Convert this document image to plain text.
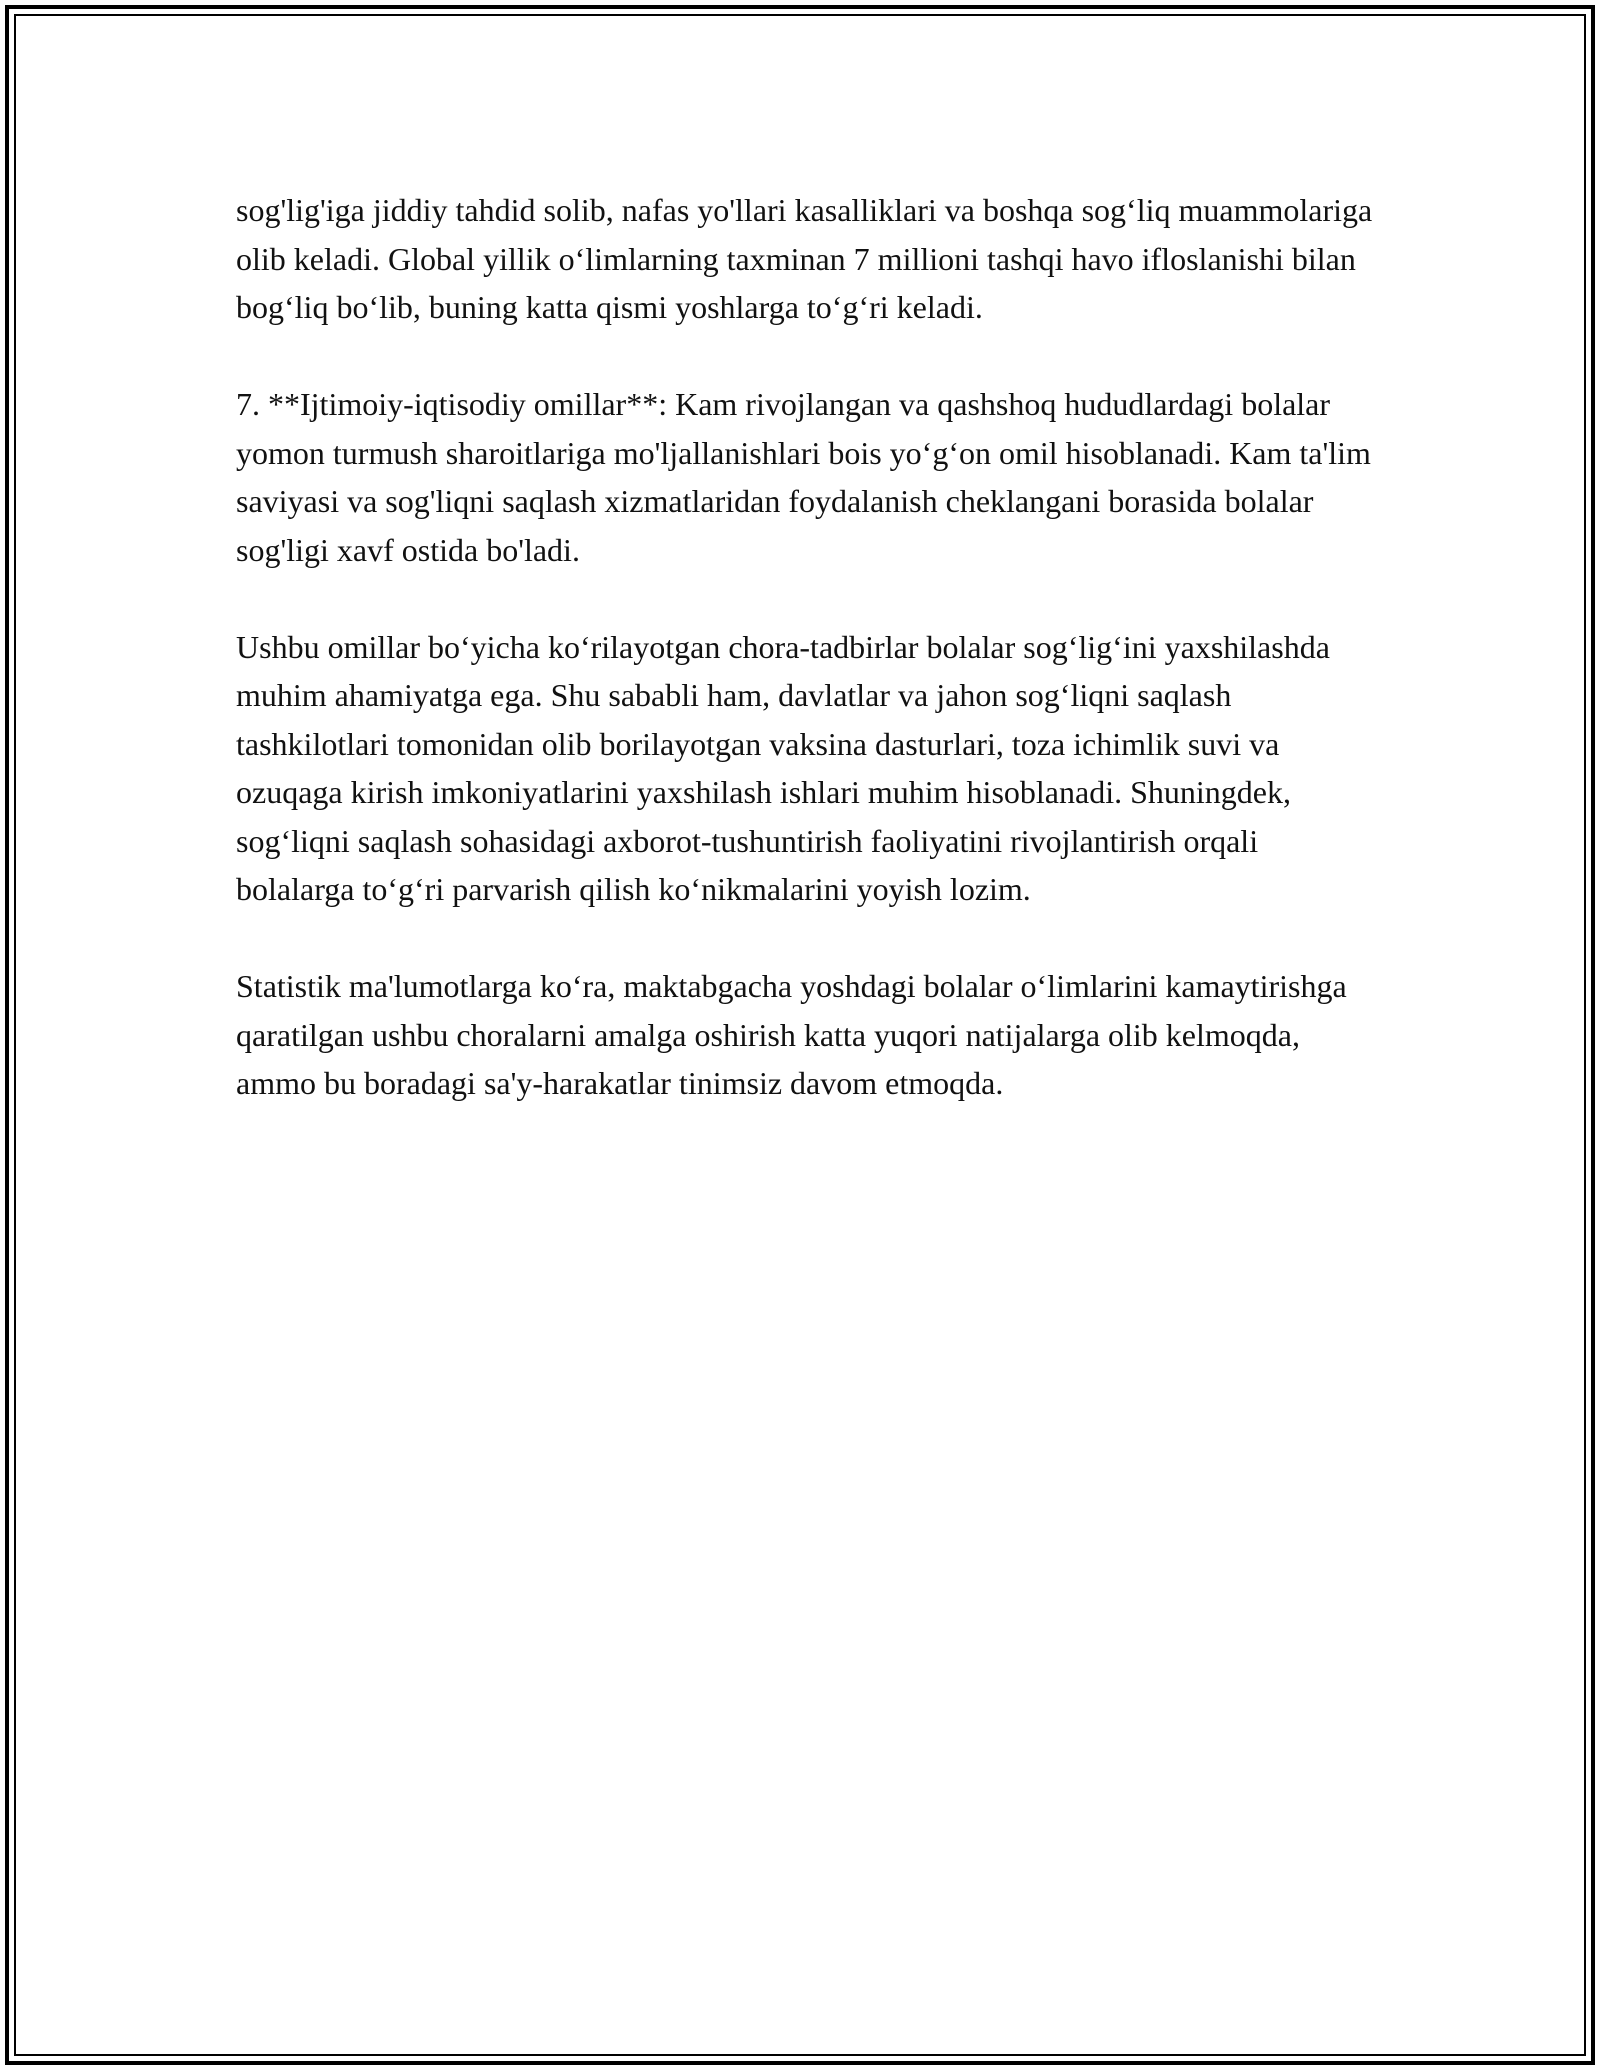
sog'lig'iga jiddiy tahdid solib, nafas yo'llari kasalliklari va boshqa sog‘liq muammolariga olib keladi. Global yillik o‘limlarning taxminan 7 millioni tashqi havo ifloslanishi bilan bog‘liq bo‘lib, buning katta qismi yoshlarga to‘g‘ri keladi.

7. **Ijtimoiy-iqtisodiy omillar**: Kam rivojlangan va qashshoq hududlardagi bolalar yomon turmush sharoitlariga mo'ljallanishlari bois yo‘g‘on omil hisoblanadi. Kam ta'lim saviyasi va sog'liqni saqlash xizmatlaridan foydalanish cheklangani borasida bolalar sog'ligi xavf ostida bo'ladi.

Ushbu omillar bo‘yicha ko‘rilayotgan chora-tadbirlar bolalar sog‘lig‘ini yaxshilashda muhim ahamiyatga ega. Shu sababli ham, davlatlar va jahon sog‘liqni saqlash tashkilotlari tomonidan olib borilayotgan vaksina dasturlari, toza ichimlik suvi va ozuqaga kirish imkoniyatlarini yaxshilash ishlari muhim hisoblanadi. Shuningdek, sog‘liqni saqlash sohasidagi axborot-tushuntirish faoliyatini rivojlantirish orqali bolalarga to‘g‘ri parvarish qilish ko‘nikmalarini yoyish lozim.

Statistik ma'lumotlarga ko‘ra, maktabgacha yoshdagi bolalar o‘limlarini kamaytirishga qaratilgan ushbu choralarni amalga oshirish katta yuqori natijalarga olib kelmoqda, ammo bu boradagi sa'y-harakatlar tinimsiz davom etmoqda.
